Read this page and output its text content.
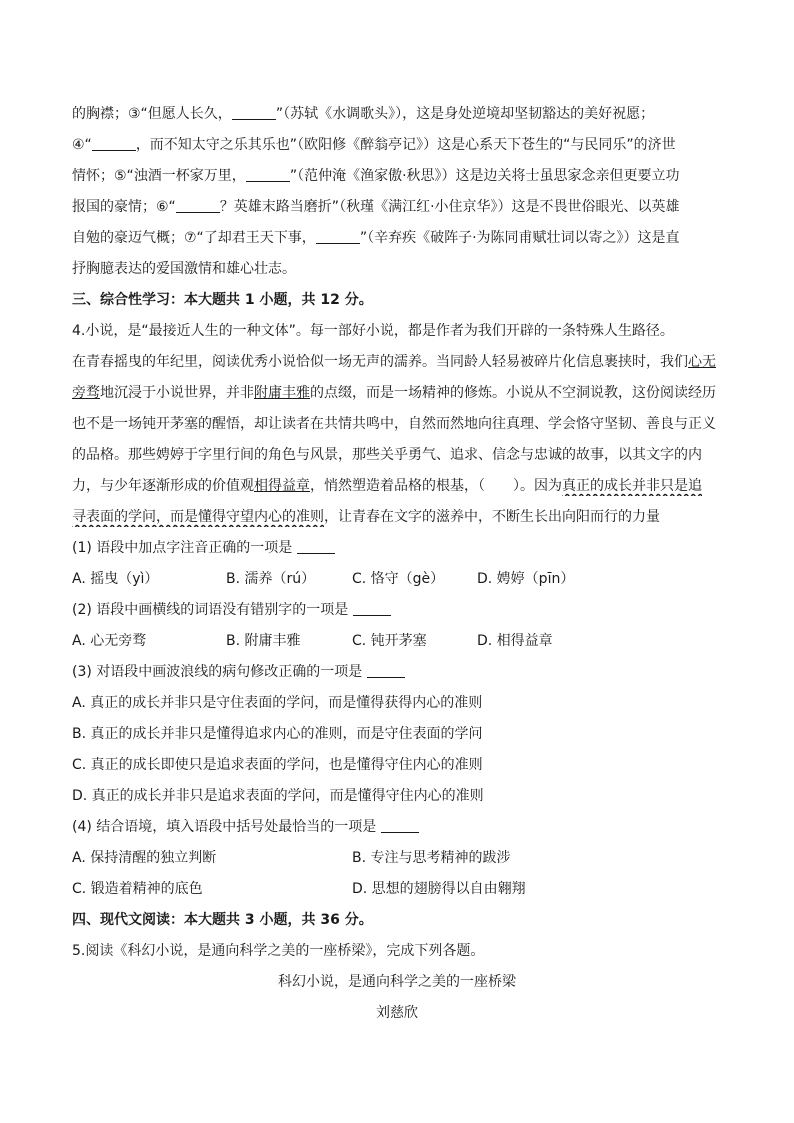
的胸襟；③“但愿人长久，	”（苏轼《水调歌头》），这是身处逆境却坚韧豁达的美好祝愿；
④“	，而不知太守之乐其乐也”（欧阳修《醉翁亭记》）这是心系天下苍生的“与民同乐”的济世
情怀；⑤“浊酒一杯家万里，	”（范仲淹《渔家傲·秋思》）这是边关将士虽思家念亲但更要立功
报国的豪情；⑥“	？英雄末路当磨折”（秋瑾《满江红·小住京华》）这是不畏世俗眼光、以英雄
自勉的豪迈气概；⑦“了却君王天下事，	”（辛弃疾《破阵子·为陈同甫赋壮词以寄之》）这是直
抒胸臆表达的爱国激情和雄心壮志。
三、综合性学习：本大题共 1 小题，共 12 分。
4.小说，是“最接近人生的一种文体”。每一部好小说，都是作者为我们开辟的一条特殊人生路径。
在青春摇曳的年纪里，阅读优秀小说恰似一场无声的濡养。当同龄人轻易被碎片化信息裹挟时，我们心无
旁骛地沉浸于小说世界，并非附庸丰雅的点缀，而是一场精神的修炼。小说从不空洞说教，这份阅读经历
也不是一场钝开茅塞的醒悟，却让读者在共情共鸣中，自然而然地向往真理、学会恪守坚韧、善良与正义
的品格。那些娉婷于字里行间的角色与风景，那些关乎勇气、追求、信念与忠诚的故事，以其文字的内
力，与少年逐渐形成的价值观相得益章，悄然塑造着品格的根基，（　　）。因为真正的成长并非只是追
寻表面的学问，而是懂得守望内心的准则，让青春在文字的滋养中，不断生长出向阳而行的力量
(1) 语段中加点字注音正确的一项是
A. 摇曳（yì）	B. 濡养（rú）	C. 恪守（gè） D. 娉婷（pīn）
(2) 语段中画横线的词语没有错别字的一项是
A. 心无旁骛	B. 附庸丰雅	C. 钝开茅塞	D. 相得益章
(3) 对语段中画波浪线的病句修改正确的一项是
A. 真正的成长并非只是守住表面的学问，而是懂得获得内心的准则
B. 真正的成长并非只是懂得追求内心的准则，而是守住表面的学问
C. 真正的成长即使只是追求表面的学问，也是懂得守住内心的准则
D. 真正的成长并非只是追求表面的学问，而是懂得守住内心的准则
(4) 结合语境，填入语段中括号处最恰当的一项是
A. 保持清醒的独立判断	B. 专注与思考精神的跋涉
C. 锻造着精神的底色	D. 思想的翅膀得以自由翱翔
四、现代文阅读：本大题共 3 小题，共 36 分。
5.阅读《科幻小说，是通向科学之美的一座桥梁》，完成下列各题。
科幻小说，是通向科学之美的一座桥梁
刘慈欣
